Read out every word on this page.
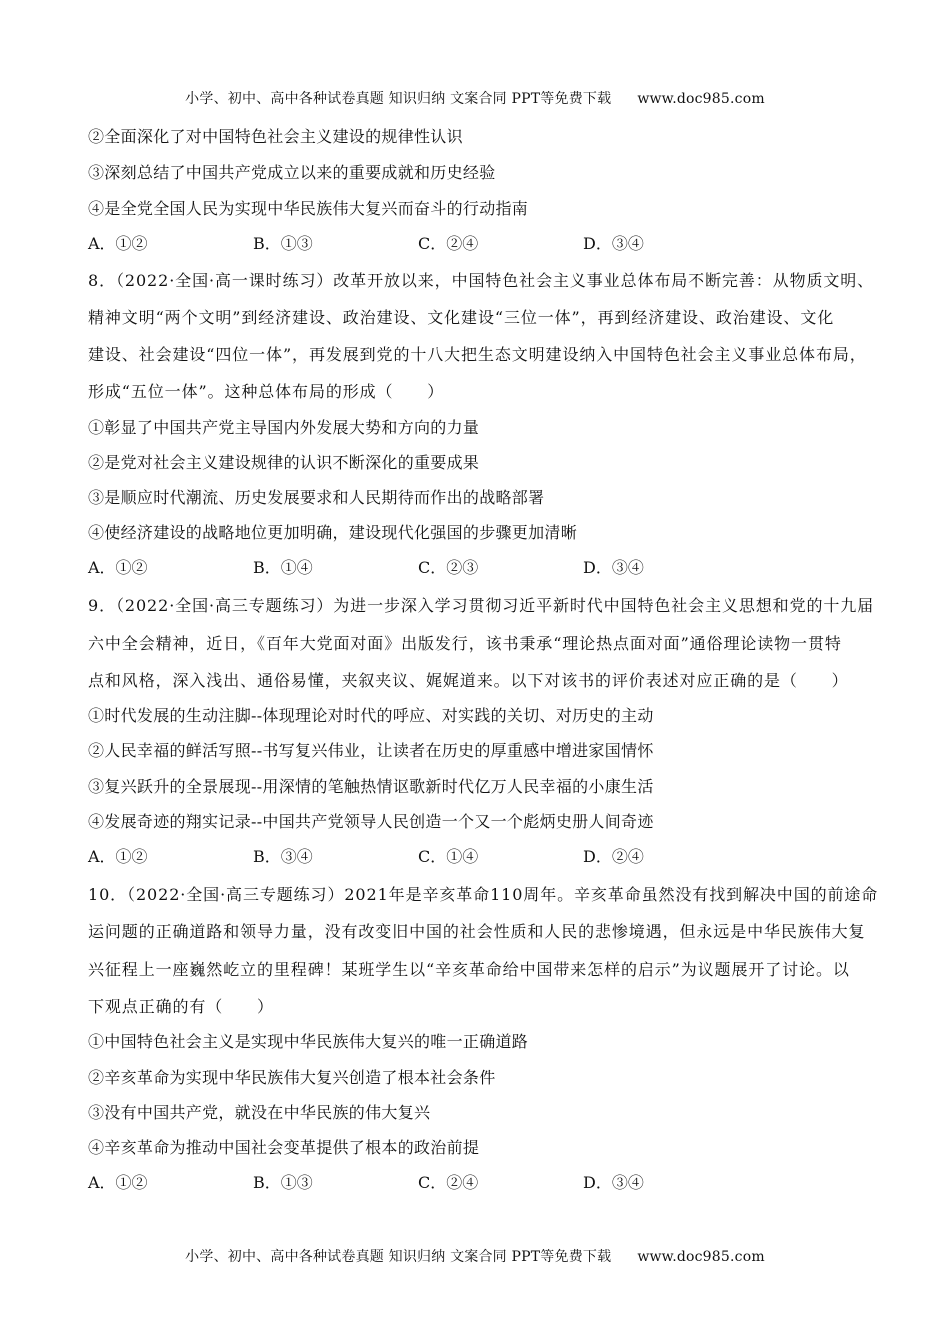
小学、初中、高中各种试卷真题 知识归纳 文案合同 PPT等免费下载 www.doc985.com
②全面深化了对中国特色社会主义建设的规律性认识
③深刻总结了中国共产党成立以来的重要成就和历史经验
④是全党全国人民为实现中华民族伟大复兴而奋斗的行动指南
A．①②	B．①③	C．②④	D．③④
8．（2022·全国·高一课时练习）改革开放以来，中国特色社会主义事业总体布局不断完善：从物质文明、
精神文明“两个文明”到经济建设、政治建设、文化建设“三位一体”，再到经济建设、政治建设、文化
建设、社会建设“四位一体”，再发展到党的十八大把生态文明建设纳入中国特色社会主义事业总体布局，
形成“五位一体”。这种总体布局的形成（　　）
①彰显了中国共产党主导国内外发展大势和方向的力量
②是党对社会主义建设规律的认识不断深化的重要成果
③是顺应时代潮流、历史发展要求和人民期待而作出的战略部署
④使经济建设的战略地位更加明确，建设现代化强国的步骤更加清晰
A．①②	B．①④	C．②③	D．③④
9．（2022·全国·高三专题练习）为进一步深入学习贯彻习近平新时代中国特色社会主义思想和党的十九届
六中全会精神，近日，《百年大党面对面》出版发行，该书秉承“理论热点面对面”通俗理论读物一贯特
点和风格，深入浅出、通俗易懂，夹叙夹议、娓娓道来。以下对该书的评价表述对应正确的是（　　）
①时代发展的生动注脚--体现理论对时代的呼应、对实践的关切、对历史的主动
②人民幸福的鲜活写照--书写复兴伟业，让读者在历史的厚重感中增进家国情怀
③复兴跃升的全景展现--用深情的笔触热情讴歌新时代亿万人民幸福的小康生活
④发展奇迹的翔实记录--中国共产党领导人民创造一个又一个彪炳史册人间奇迹
A．①②	B．③④	C．①④	D．②④
10．（2022·全国·高三专题练习）2021年是辛亥革命110周年。辛亥革命虽然没有找到解决中国的前途命
运问题的正确道路和领导力量，没有改变旧中国的社会性质和人民的悲惨境遇，但永远是中华民族伟大复
兴征程上一座巍然屹立的里程碑！某班学生以“辛亥革命给中国带来怎样的启示”为议题展开了讨论。以
下观点正确的有（　　）
①中国特色社会主义是实现中华民族伟大复兴的唯一正确道路
②辛亥革命为实现中华民族伟大复兴创造了根本社会条件
③没有中国共产党，就没在中华民族的伟大复兴
④辛亥革命为推动中国社会变革提供了根本的政治前提
A．①②	B．①③	C．②④	D．③④
小学、初中、高中各种试卷真题 知识归纳 文案合同 PPT等免费下载 www.doc985.com
